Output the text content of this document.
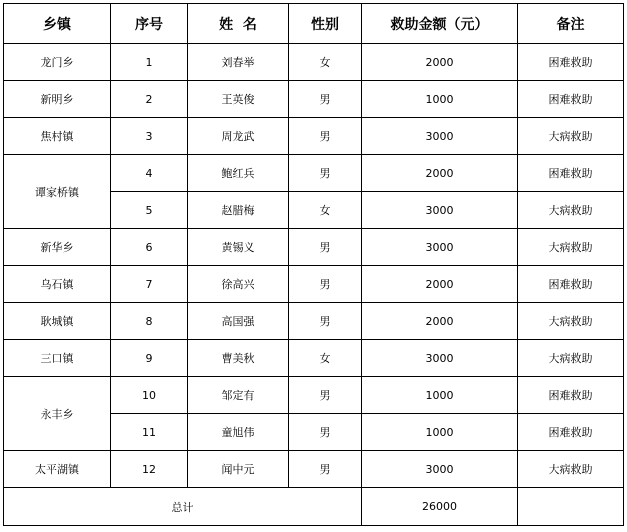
乡镇	序号	姓  名	性别	救助金额（元）	备注
龙门乡	1	刘春举	女	2000	困难救助
新明乡	2	王英俊	男	1000	困难救助
焦村镇	3	周龙武	男	3000	大病救助
谭家桥镇	4	鲍红兵	男	2000	困难救助
	5	赵腊梅	女	3000	大病救助
新华乡	6	黄锡义	男	3000	大病救助
乌石镇	7	徐高兴	男	2000	困难救助
耿城镇	8	高国强	男	2000	大病救助
三口镇	9	曹美秋	女	3000	大病救助
永丰乡	10	邹定有	男	1000	困难救助
	11	童旭伟	男	1000	困难救助
太平湖镇	12	闻中元	男	3000	大病救助
总计				26000	
